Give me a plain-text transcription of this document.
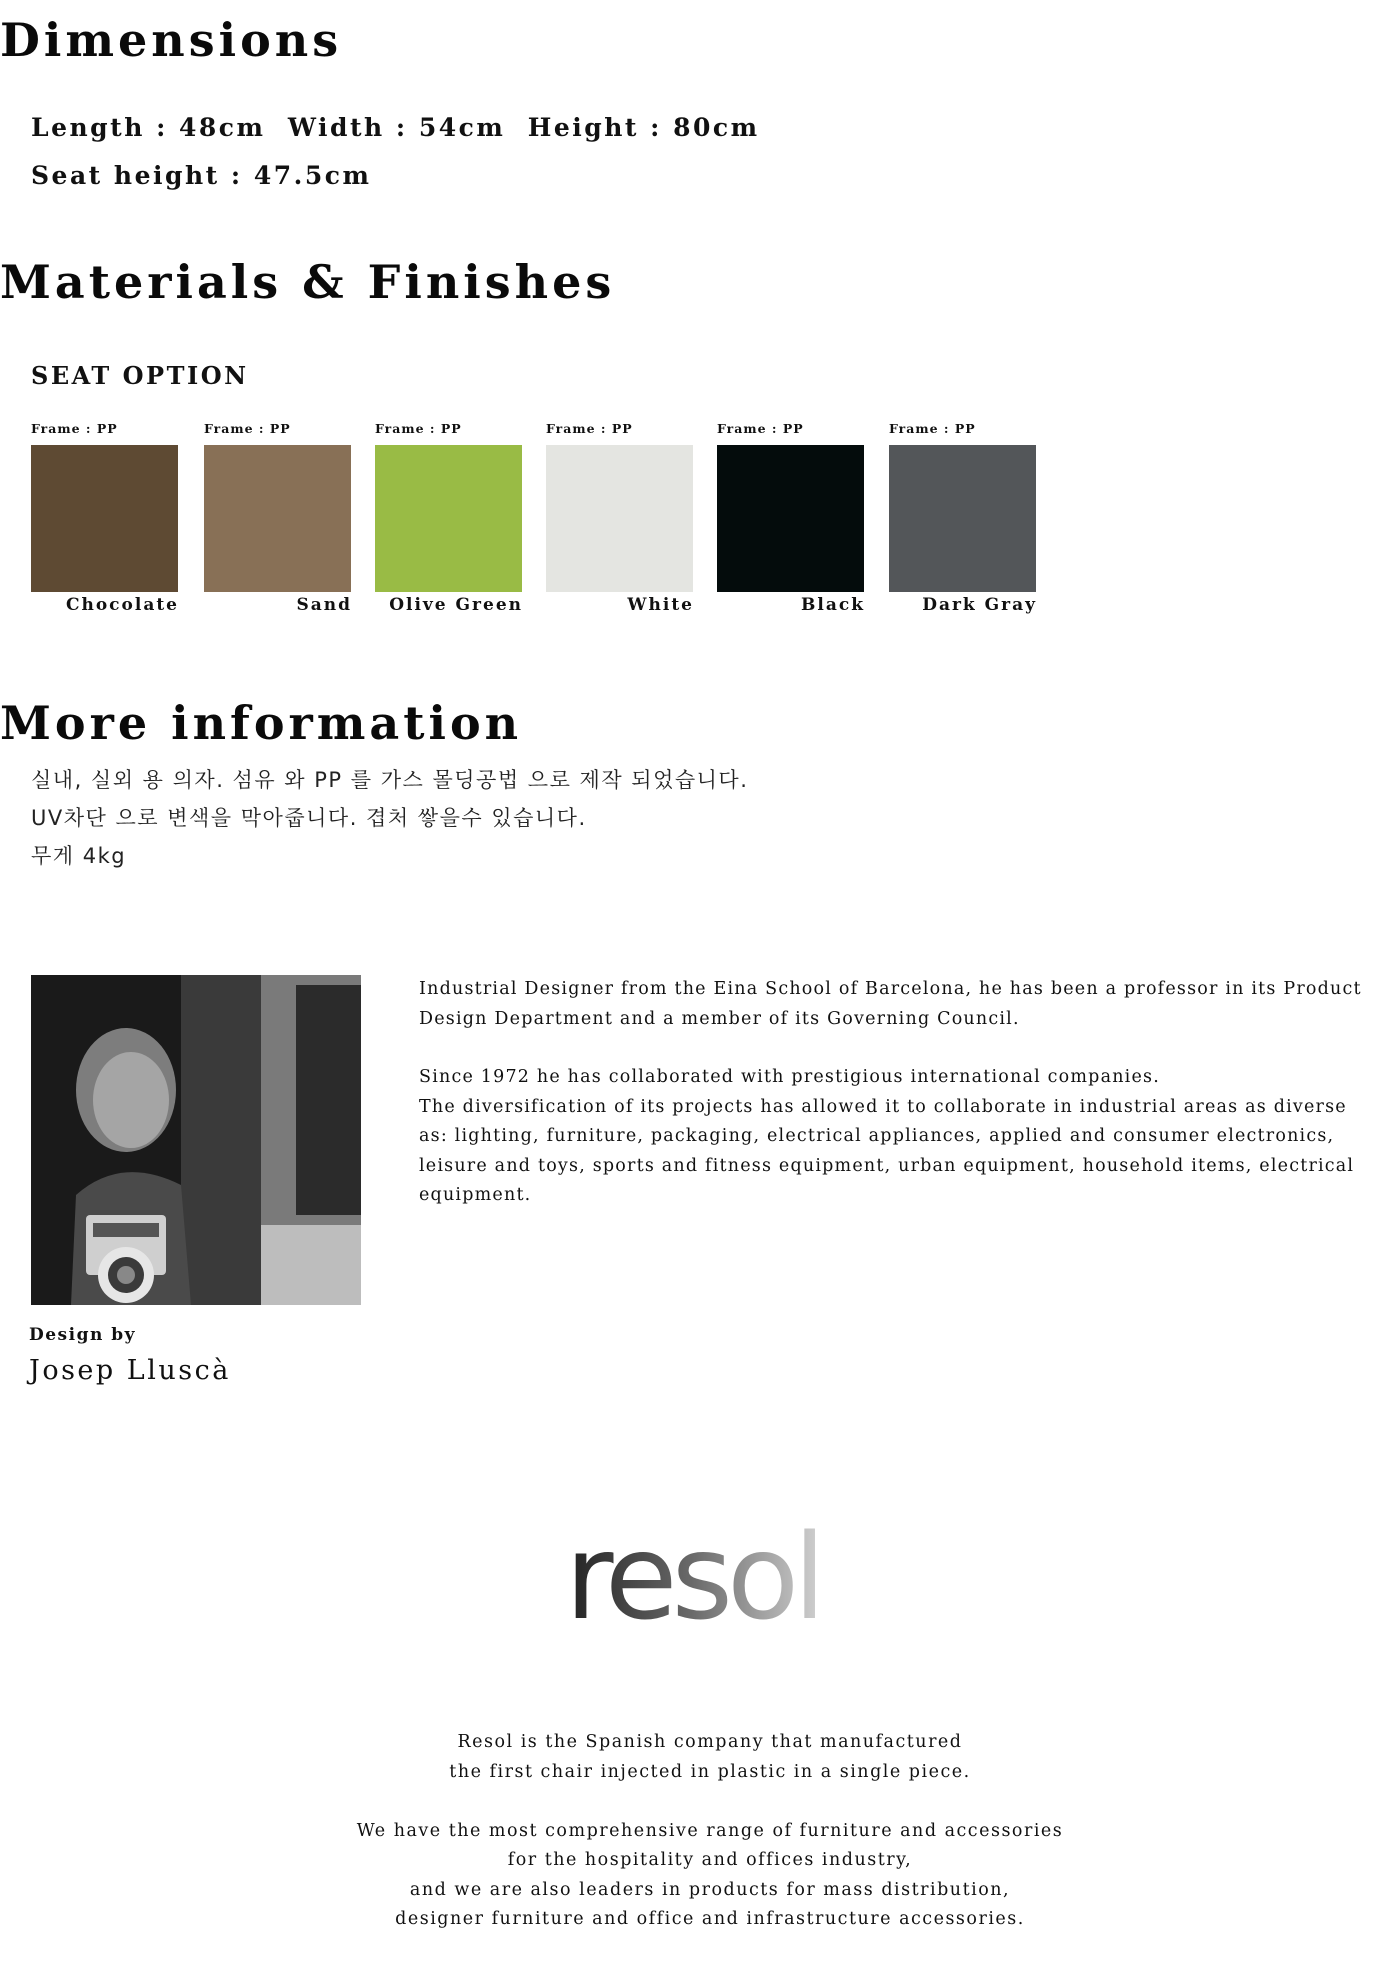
Dimensions

Length : 48cm  Width : 54cm  Height : 80cm

Seat height : 47.5cm

Materials & Finishes
SEAT OPTION
Frame : PP
Chocolate
Frame : PP
Sand
Frame : PP
Olive Green
Frame : PP
White
Frame : PP
Black
Frame : PP
Dark Gray
More information

실내, 실외 용 의자. 섬유 와 PP 를 가스 몰딩공법 으로 제작 되었습니다.

UV차단 으로 변색을 막아줍니다. 겹처 쌓을수 있습니다.

무게 4kg

Industrial Designer from the Eina School of Barcelona, he has been a professor in its Product Design Department and a member of its Governing Council.

Since 1972 he has collaborated with prestigious international companies.
The diversification of its projects has allowed it to collaborate in industrial areas as diverse as: lighting, furniture, packaging, electrical appliances, applied and consumer electronics, leisure and toys, sports and fitness equipment, urban equipment, household items, electrical equipment.
Design by
Josep Lluscà
resol

Resol is the Spanish company that manufactured
the first chair injected in plastic in a single piece.

We have the most comprehensive range of furniture and accessories
for the hospitality and offices industry,
and we are also leaders in products for mass distribution,
designer furniture and office and infrastructure accessories.
